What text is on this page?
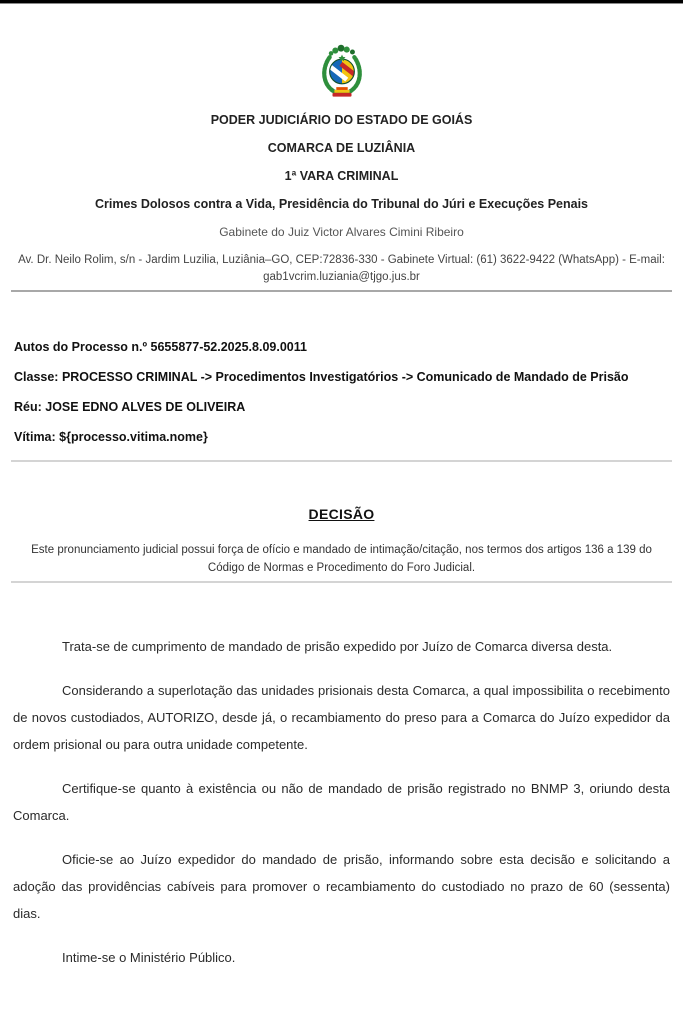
PODER JUDICIÁRIO DO ESTADO DE GOIÁS
COMARCA DE LUZIÂNIA
1ª VARA CRIMINAL
Crimes Dolosos contra a Vida, Presidência do Tribunal do Júri e Execuções Penais
Gabinete do Juiz Victor Alvares Cimini Ribeiro
Av. Dr. Neilo Rolim, s/n - Jardim Luzilia, Luziânia–GO, CEP:72836-330 - Gabinete Virtual: (61) 3622-9422 (WhatsApp) - E-mail: gab1vcrim.luziania@tjgo.jus.br
Autos do Processo n.º 5655877-52.2025.8.09.0011
Classe: PROCESSO CRIMINAL -> Procedimentos Investigatórios -> Comunicado de Mandado de Prisão
Réu: JOSE EDNO ALVES DE OLIVEIRA
Vítima: ${processo.vitima.nome}
DECISÃO
Este pronunciamento judicial possui força de ofício e mandado de intimação/citação, nos termos dos artigos 136 a 139 do Código de Normas e Procedimento do Foro Judicial.

Trata-se de cumprimento de mandado de prisão expedido por Juízo de Comarca diversa desta.

Considerando a superlotação das unidades prisionais desta Comarca, a qual impossibilita o recebimento de novos custodiados, AUTORIZO, desde já, o recambiamento do preso para a Comarca do Juízo expedidor da ordem prisional ou para outra unidade competente.

Certifique-se quanto à existência ou não de mandado de prisão registrado no BNMP 3, oriundo desta Comarca.

Oficie-se ao Juízo expedidor do mandado de prisão, informando sobre esta decisão e solicitando a adoção das providências cabíveis para promover o recambiamento do custodiado no prazo de 60 (sessenta) dias.

Intime-se o Ministério Público.
